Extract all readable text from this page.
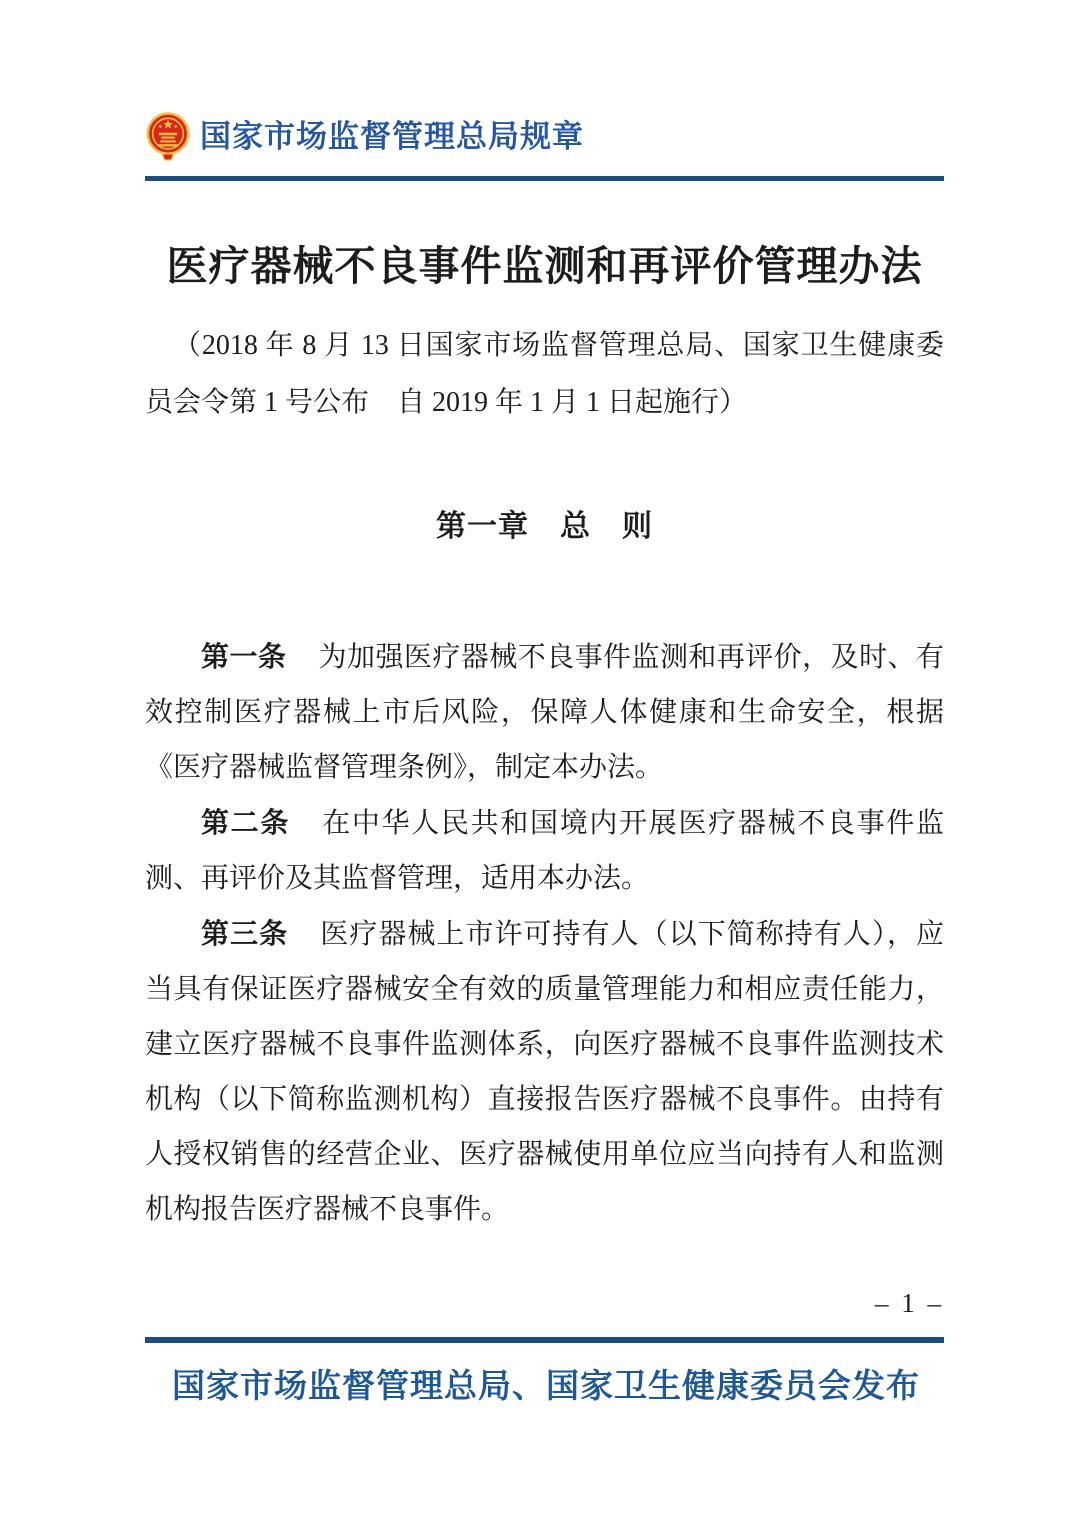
国家市场监督管理总局规章
医疗器械不良事件监测和再评价管理办法

（2018 年 8 月 13 日国家市场监督管理总局、国家卫生健康委员会令第 1 号公布　自 2019 年 1 月 1 日起施行）

第一章　总　则

第一条 为加强医疗器械不良事件监测和再评价，及时、有效控制医疗器械上市后风险，保障人体健康和生命安全，根据《医疗器械监督管理条例》，制定本办法。

第二条 在中华人民共和国境内开展医疗器械不良事件监测、再评价及其监督管理，适用本办法。

第三条 医疗器械上市许可持有人（以下简称持有人），应当具有保证医疗器械安全有效的质量管理能力和相应责任能力，建立医疗器械不良事件监测体系，向医疗器械不良事件监测技术机构（以下简称监测机构）直接报告医疗器械不良事件。由持有人授权销售的经营企业、医疗器械使用单位应当向持有人和监测机构报告医疗器械不良事件。

– 1 –
国家市场监督管理总局、国家卫生健康委员会发布
